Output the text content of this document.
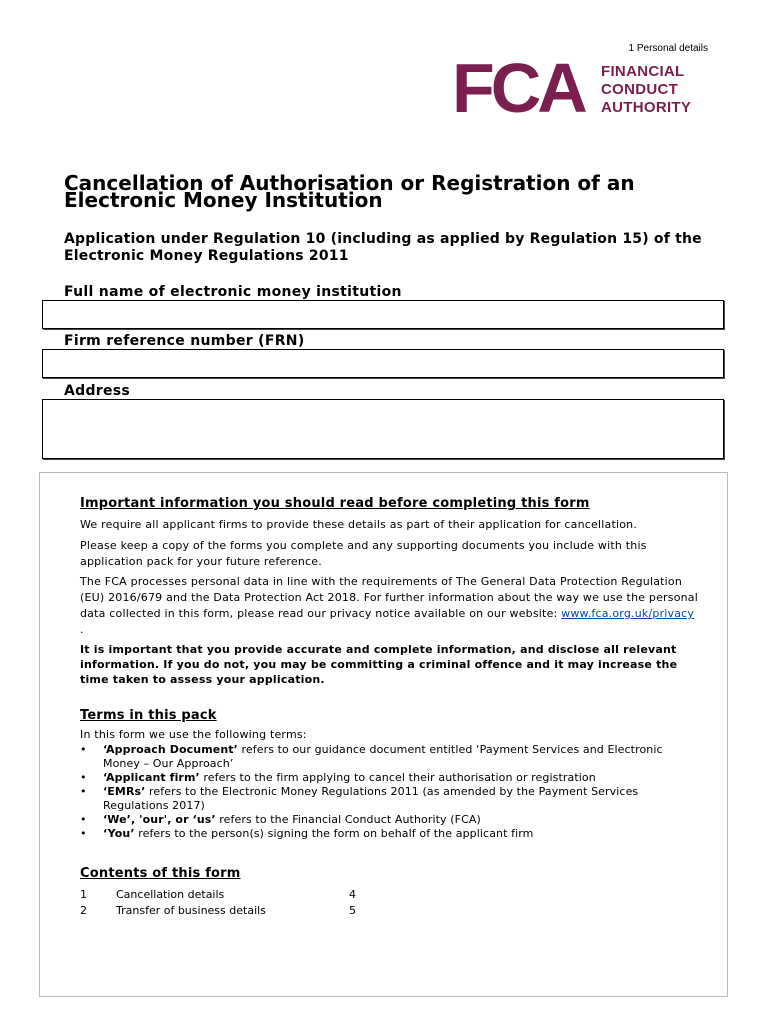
1 Personal details
FCA FINANCIAL
CONDUCT
AUTHORITY
Cancellation of Authorisation or Registration of an
Electronic Money Institution
Application under Regulation 10 (including as applied by Regulation 15) of the Electronic Money Regulations 2011
Full name of electronic money institution
Firm reference number (FRN)
Address
Important information you should read before completing this form
We require all applicant firms to provide these details as part of their application for cancellation.
Please keep a copy of the forms you complete and any supporting documents you include with this application pack for your future reference.
The FCA processes personal data in line with the requirements of The General Data Protection Regulation (EU) 2016/679 and the Data Protection Act 2018. For further information about the way we use the personal data collected in this form, please read our privacy notice available on our website: www.fca.org.uk/privacy .
It is important that you provide accurate and complete information, and disclose all relevant information. If you do not, you may be committing a criminal offence and it may increase the time taken to assess your application.
Terms in this pack
In this form we use the following terms:
• ‘Approach Document’ refers to our guidance document entitled ‘Payment Services and Electronic Money – Our Approach’
• ‘Applicant firm’ refers to the firm applying to cancel their authorisation or registration
• ‘EMRs’ refers to the Electronic Money Regulations 2011 (as amended by the Payment Services Regulations 2017)
• ‘We’, 'our', or ‘us’ refers to the Financial Conduct Authority (FCA)
• ‘You’ refers to the person(s) signing the form on behalf of the applicant firm
Contents of this form
1	Cancellation details	4
2	Transfer of business details	5
